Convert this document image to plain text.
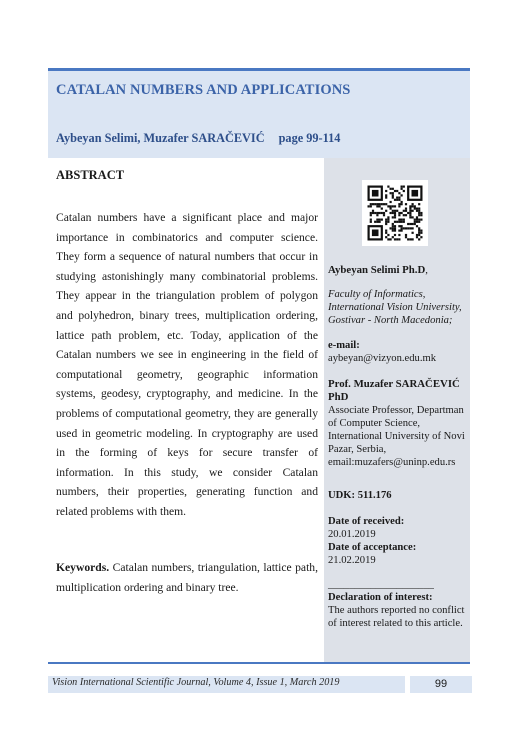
CATALAN NUMBERS AND APPLICATIONS
Aybeyan Selimi, Muzafer SARAČEVIĆ page 99-114
ABSTRACT

Catalan numbers have a significant place and major importance in combinatorics and computer science. They form a sequence of natural numbers that occur in studying astonishingly many combinatorial problems. They appear in the triangulation problem of polygon and polyhedron, binary trees, multiplication ordering, lattice path problem, etc. Today, application of the Catalan numbers we see in engineering in the field of computational geometry, geographic information systems, geodesy, cryptography, and medicine. In the problems of computational geometry, they are generally used in geometric modeling. In cryptography are used in the forming of keys for secure transfer of information. In this study, we consider Catalan numbers, their properties, generating function and related problems with them.

Keywords. Catalan numbers, triangulation, lattice path, multiplication ordering and binary tree.

Aybeyan Selimi Ph.D,

Faculty of Informatics, International Vision University, Gostivar - North Macedonia;

e-mail:
aybeyan@vizyon.edu.mk

Prof. Muzafer SARAČEVIĆ PhD

Associate Professor, Departman of Computer Science, International University of Novi Pazar, Serbia, email:muzafers@uninp.edu.rs

UDK: 511.176

Date of received:
20.01.2019
Date of acceptance:
21.02.2019

____________________

Declaration of interest:
The authors reported no conflict of interest related to this article.

Vision International Scientific Journal, Volume 4, Issue 1, March 2019	99
